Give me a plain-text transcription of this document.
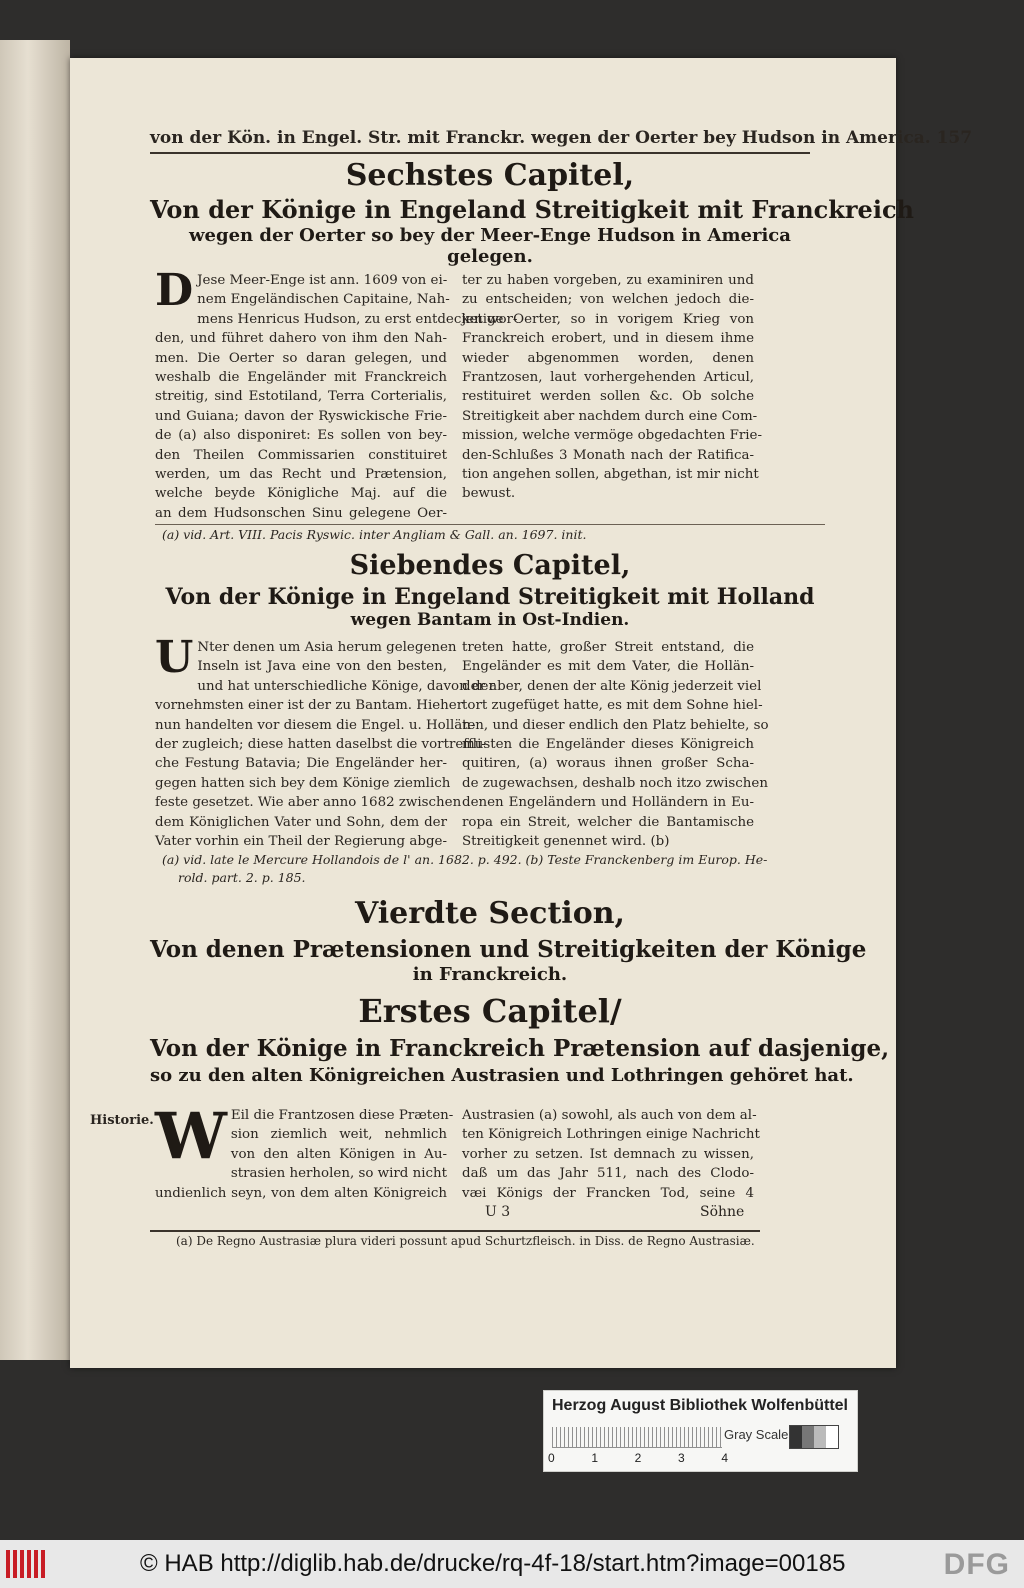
von der Kön. in Engel. Str. mit Franckr. wegen der Oerter bey Hudson in America. 157
Sechstes Capitel,
Von der Könige in Engeland Streitigkeit mit Franckreich
wegen der Oerter so bey der Meer-Enge Hudson in America
gelegen.
D Jese Meer-Enge ist ann. 1609 von ei-

nem Engeländischen Capitaine, Nah-

mens Henricus Hudson, zu erst entdecket wor-

den, und führet dahero von ihm den Nah-

men. Die Oerter so daran gelegen, und

weshalb die Engeländer mit Franckreich

streitig, sind Estotiland, Terra Corterialis,

und Guiana; davon der Ryswickische Frie-

de (a) also disponiret: Es sollen von bey-

den Theilen Commissarien constituiret

werden, um das Recht und Prætension,

welche beyde Königliche Maj. auf die

an dem Hudsonschen Sinu gelegene Oer-

ter zu haben vorgeben, zu examiniren und

zu entscheiden; von welchen jedoch die-

jenige Oerter, so in vorigem Krieg von

Franckreich erobert, und in diesem ihme

wieder abgenommen worden, denen

Frantzosen, laut vorhergehenden Articul,

restituiret werden sollen &c. Ob solche

Streitigkeit aber nachdem durch eine Com-

mission, welche vermöge obgedachten Frie-

den-Schlußes 3 Monath nach der Ratifica-

tion angehen sollen, abgethan, ist mir nicht

bewust.

(a) vid. Art. VIII. Pacis Ryswic. inter Angliam & Gall. an. 1697. init.
Siebendes Capitel,
Von der Könige in Engeland Streitigkeit mit Holland
wegen Bantam in Ost-Indien.
U Nter denen um Asia herum gelegenen

Inseln ist Java eine von den besten,

und hat unterschiedliche Könige, davon der

vornehmsten einer ist der zu Bantam. Hieher

nun handelten vor diesem die Engel. u. Hollän-

der zugleich; diese hatten daselbst die vortreffli-

che Festung Batavia; Die Engeländer her-

gegen hatten sich bey dem Könige ziemlich

feste gesetzet. Wie aber anno 1682 zwischen

dem Königlichen Vater und Sohn, dem der

Vater vorhin ein Theil der Regierung abge-

treten hatte, großer Streit entstand, die

Engeländer es mit dem Vater, die Hollän-

der aber, denen der alte König jederzeit viel

tort zugefüget hatte, es mit dem Sohne hiel-

ten, und dieser endlich den Platz behielte, so

musten die Engeländer dieses Königreich

quitiren, (a) woraus ihnen großer Scha-

de zugewachsen, deshalb noch itzo zwischen

denen Engeländern und Holländern in Eu-

ropa ein Streit, welcher die Bantamische

Streitigkeit genennet wird. (b)

(a) vid. late le Mercure Hollandois de l' an. 1682. p. 492. (b) Teste Franckenberg im Europ. He-
rold. part. 2. p. 185.
Vierdte Section,
Von denen Prætensionen und Streitigkeiten der Könige
in Franckreich.
Erstes Capitel/
Von der Könige in Franckreich Prætension auf dasjenige,
so zu den alten Königreichen Austrasien und Lothringen gehöret hat.
Historie. W Eil die Frantzosen diese Præten-

sion ziemlich weit, nehmlich

von den alten Königen in Au-

strasien herholen, so wird nicht

undienlich seyn, von dem alten Königreich

Austrasien (a) sowohl, als auch von dem al-

ten Königreich Lothringen einige Nachricht

vorher zu setzen. Ist demnach zu wissen,

daß um das Jahr 511, nach des Clodo-

væi Königs der Francken Tod, seine 4

U 3	Söhne
(a) De Regno Austrasiæ plura videri possunt apud Schurtzfleisch. in Diss. de Regno Austrasiæ.
Herzog August Bibliothek Wolfenbüttel
0	1	2	3	4
Gray Scale
© HAB http://diglib.hab.de/drucke/rq-4f-18/start.htm?image=00185	DFG
